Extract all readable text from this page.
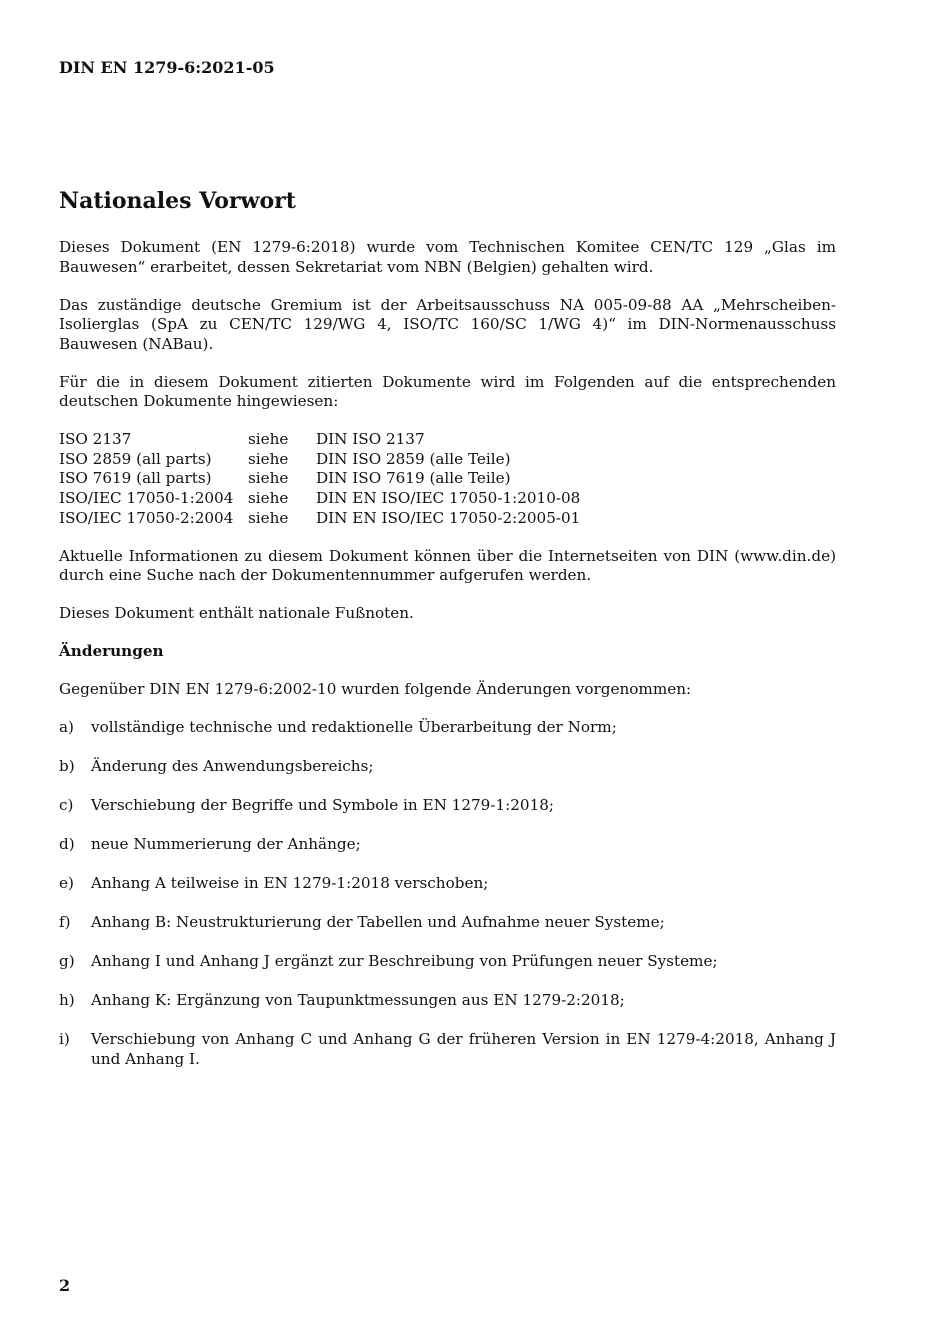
DIN EN 1279-6:2021-05
Nationales Vorwort

Dieses Dokument (EN 1279-6:2018) wurde vom Technischen Komitee CEN/TC 129 „Glas im Bauwesen“ erarbeitet, dessen Sekretariat vom NBN (Belgien) gehalten wird.

Das zuständige deutsche Gremium ist der Arbeitsausschuss NA 005-09-88 AA „Mehrscheiben-Isolierglas (SpA zu CEN/TC 129/WG 4, ISO/TC 160/SC 1/WG 4)“ im DIN-Normenausschuss Bauwesen (NABau).

Für die in diesem Dokument zitierten Dokumente wird im Folgenden auf die entsprechenden deutschen Dokumente hingewiesen:

ISO 2137	siehe	DIN ISO 2137
ISO 2859 (all parts)	siehe	DIN ISO 2859 (alle Teile)
ISO 7619 (all parts)	siehe	DIN ISO 7619 (alle Teile)
ISO/IEC 17050-1:2004 siehe	DIN EN ISO/IEC 17050-1:2010-08
ISO/IEC 17050-2:2004 siehe	DIN EN ISO/IEC 17050-2:2005-01

Aktuelle Informationen zu diesem Dokument können über die Internetseiten von DIN (www.din.de) durch eine Suche nach der Dokumentennummer aufgerufen werden.

Dieses Dokument enthält nationale Fußnoten.

Änderungen

Gegenüber DIN EN 1279-6:2002-10 wurden folgende Änderungen vorgenommen:

a)	vollständige technische und redaktionelle Überarbeitung der Norm;
b)	Änderung des Anwendungsbereichs;
c)	Verschiebung der Begriffe und Symbole in EN 1279-1:2018;
d)	neue Nummerierung der Anhänge;
e)	Anhang A teilweise in EN 1279-1:2018 verschoben;
f)	Anhang B: Neustrukturierung der Tabellen und Aufnahme neuer Systeme;
g)	Anhang I und Anhang J ergänzt zur Beschreibung von Prüfungen neuer Systeme;
h)	Anhang K: Ergänzung von Taupunktmessungen aus EN 1279-2:2018;
i)	Verschiebung von Anhang C und Anhang G der früheren Version in EN 1279-4:2018, Anhang J und Anhang I.
2
